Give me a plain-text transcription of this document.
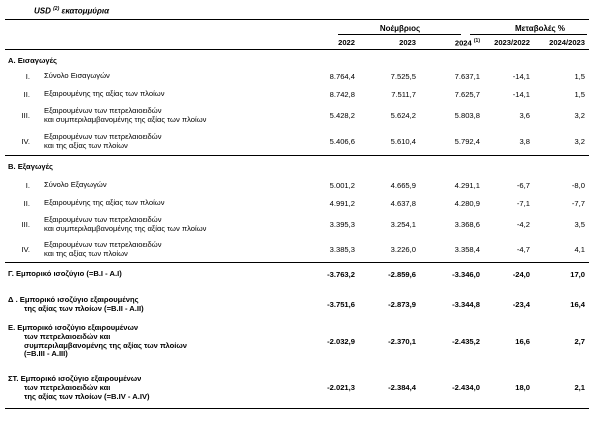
USD $^{(2)}$ εκατομμύρια
Νοέμβριος	Μεταβολές %
2022	2023	2024 $^{(1)}$	2023/2022	2024/2023
A. Εισαγωγές
I. Σύνολο Εισαγωγών	8.764,4	7.525,5	7.637,1	-14,1	1,5
II. Εξαιρουμένης της αξίας των πλοίων	8.742,8	7.511,7	7.625,7	-14,1	1,5
III.
Εξαιρουμένων των πετρελαιοειδών
και συμπεριλαμβανομένης της αξίας των πλοίων	5.428,2	5.624,2	5.803,8	3,6	3,2
IV.
Εξαιρουμένων των πετρελαιοειδών
και της αξίας των πλοίων	5.406,6	5.610,4	5.792,4	3,8	3,2
B. Εξαγωγές
I. Σύνολο Εξαγωγών	5.001,2	4.665,9	4.291,1	-6,7	-8,0
II. Εξαιρουμένης της αξίας των πλοίων	4.991,2	4.637,8	4.280,9	-7,1	-7,7
III.
Εξαιρουμένων των πετρελαιοειδών
και συμπεριλαμβανομένης της αξίας των πλοίων	3.395,3	3.254,1	3.368,6	-4,2	3,5
IV.
Εξαιρουμένων των πετρελαιοειδών
και της αξίας των πλοίων	3.385,3	3.226,0	3.358,4	-4,7	4,1
Γ. Εμπορικό ισοζύγιο (=B.I - A.I)	-3.763,2	-2.859,6	-3.346,0	-24,0	17,0
Δ . Εμπορικό ισοζύγιο εξαιρουμένης
της αξίας των πλοίων (=B.II - A.II)	-3.751,6	-2.873,9	-3.344,8	-23,4	16,4
Ε. Εμπορικό ισοζύγιο εξαιρουμένων
των πετρελαιοειδών και
συμπεριλαμβανομένης της αξίας των πλοίων
(=B.III - A.III)
-2.032,9	-2.370,1	-2.435,2	16,6	2,7
ΣΤ. Εμπορικό ισοζύγιο εξαιρουμένων
των πετρελαιοειδών και
της αξίας των πλοίων (=B.IV - A.IV)
-2.021,3	-2.384,4	-2.434,0	18,0	2,1
